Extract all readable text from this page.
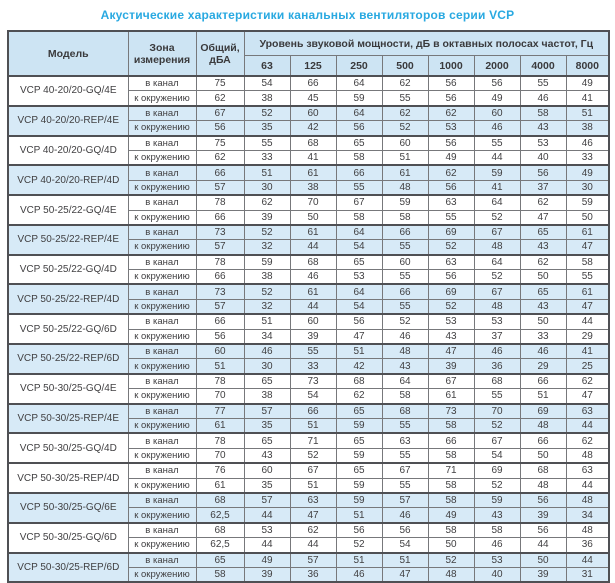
Акустические характеристики канальных вентиляторов серии VCP
Модель	Зона
измерения

Общий,
дБА
	Уровень звуковой мощности, дБ в октавных полосах частот, Гц
			63	125	250	500	1000	2000	4000	8000
VCP 40-20/20-GQ/4E	в канал	75	54	66	64	62	56	56	55	49
	к окружению	62	38	45	59	55	56	49	46	41
VCP 40-20/20-REP/4E	в канал	67	52	60	64	62	62	60	58	51
	к окружению	56	35	42	56	52	53	46	43	38
VCP 40-20/20-GQ/4D	в канал	75	55	68	65	60	56	55	53	46
	к окружению	62	33	41	58	51	49	44	40	33
VCP 40-20/20-REP/4D	в канал	66	51	61	66	61	62	59	56	49
	к окружению	57	30	38	55	48	56	41	37	30
VCP 50-25/22-GQ/4E	в канал	78	62	70	67	59	63	64	62	59
	к окружению	66	39	50	58	58	55	52	47	50
VCP 50-25/22-REP/4E	в канал	73	52	61	64	66	69	67	65	61
	к окружению	57	32	44	54	55	52	48	43	47
VCP 50-25/22-GQ/4D	в канал	78	59	68	65	60	63	64	62	58
	к окружению	66	38	46	53	55	56	52	50	55
VCP 50-25/22-REP/4D	в канал	73	52	61	64	66	69	67	65	61
	к окружению	57	32	44	54	55	52	48	43	47
VCP 50-25/22-GQ/6D	в канал	66	51	60	56	52	53	53	50	44
	к окружению	56	34	39	47	46	43	37	33	29
VCP 50-25/22-REP/6D	в канал	60	46	55	51	48	47	46	46	41
	к окружению	51	30	33	42	43	39	36	29	25
VCP 50-30/25-GQ/4E	в канал	78	65	73	68	64	67	68	66	62
	к окружению	70	38	54	62	58	61	55	51	47
VCP 50-30/25-REP/4E	в канал	77	57	66	65	68	73	70	69	63
	к окружению	61	35	51	59	55	58	52	48	44
VCP 50-30/25-GQ/4D	в канал	78	65	71	65	63	66	67	66	62
	к окружению	70	43	52	59	55	58	54	50	48
VCP 50-30/25-REP/4D	в канал	76	60	67	65	67	71	69	68	63
	к окружению	61	35	51	59	55	58	52	48	44
VCP 50-30/25-GQ/6E	в канал	68	57	63	59	57	58	59	56	48
	к окружению	62,5	44	47	51	46	49	43	39	34
VCP 50-30/25-GQ/6D	в канал	68	53	62	56	56	58	58	56	48
	к окружению	62,5	44	44	52	54	50	46	44	36
VCP 50-30/25-REP/6D	в канал	65	49	57	51	51	52	53	50	44
	к окружению	58	39	36	46	47	48	40	39	31
